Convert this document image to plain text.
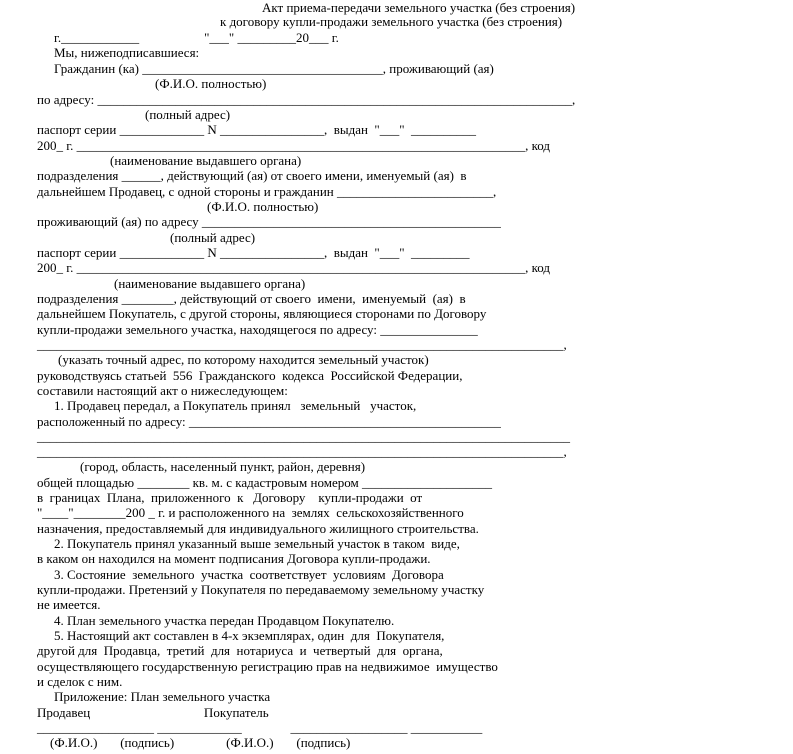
Акт приема-передачи земельного участка (без строения)
к договору купли-продажи земельного участка (без строения)
г.____________                    "___" _________20___ г.
Мы, нижеподписавшиеся:
Гражданин (ка) _____________________________________, проживающий (ая)
(Ф.И.О. полностью)
по адресу: _________________________________________________________________________,
(полный адрес)
паспорт серии _____________ N ________________,  выдан  "___"  __________
200_ г. _____________________________________________________________________, код
(наименование выдавшего органа)
подразделения ______, действующий (ая) от своего имени, именуемый (ая)  в
дальнейшем Продавец, с одной стороны и гражданин ________________________,
(Ф.И.О. полностью)
проживающий (ая) по адресу ______________________________________________
(полный адрес)
паспорт серии _____________ N ________________,  выдан  "___"  _________
200_ г. _____________________________________________________________________, код
(наименование выдавшего органа)
подразделения ________, действующий от своего  имени,  именуемый  (ая)  в
дальнейшем Покупатель, с другой стороны, являющиеся сторонами по Договору
купли-продажи земельного участка, находящегося по адресу: _______________
_________________________________________________________________________________,
(указать точный адрес, по которому находится земельный участок)
руководствуясь статьей  556  Гражданского  кодекса  Российской Федерации,
составили настоящий акт о нижеследующем:
1. Продавец передал, а Покупатель принял   земельный   участок,
расположенный по адресу: ________________________________________________
__________________________________________________________________________________
_________________________________________________________________________________,
(город, область, населенный пункт, район, деревня)
общей площадью ________ кв. м. с кадастровым номером ____________________
в  границах  Плана,  приложенного  к   Договору    купли-продажи  от
"____"________200 _ г. и расположенного на  землях  сельскохозяйственного
назначения, предоставляемый для индивидуального жилищного строительства.
2. Покупатель принял указанный выше земельный участок в таком  виде,
в каком он находился на момент подписания Договора купли-продажи.
3. Состояние  земельного  участка  соответствует  условиям  Договора
купли-продажи. Претензий у Покупателя по передаваемому земельному участку
не имеется.
4. План земельного участка передан Продавцом Покупателю.
5. Настоящий акт составлен в 4-х экземплярах, один  для  Покупателя,
другой для  Продавца,  третий  для  нотариуса  и  четвертый  для  органа,
осуществляющего государственную регистрацию прав на недвижимое  имущество
и сделок с ним.
Приложение: План земельного участка
Продавец                                   Покупатель
__________________ _____________               __________________ ___________
(Ф.И.О.)       (подпись)                (Ф.И.О.)       (подпись)
